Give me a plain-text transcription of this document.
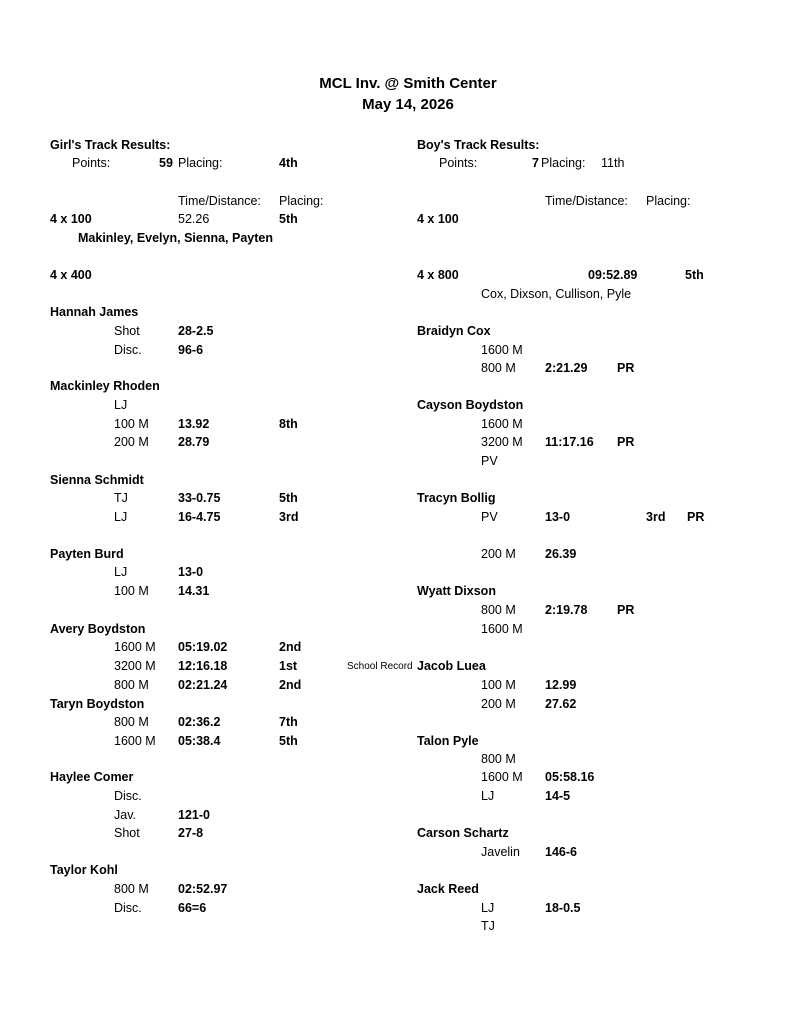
MCL Inv. @ Smith Center
May 14, 2026
Girl's Track Results:
Points:	59 Placing:	4th
Time/Distance: Placing:
4 x 100	52.26	5th
Makinley, Evelyn, Sienna, Payten
4 x 400
Hannah James
Shot	28-2.5
Disc.	96-6
Mackinley Rhoden
LJ
100 M 13.92	8th
200 M 28.79
Sienna Schmidt
TJ	33-0.75	5th
LJ	16-4.75	3rd
Payten Burd
LJ	13-0
100 M 14.31
Avery Boydston
1600 M 05:19.02	2nd
3200 M 12:16.18	1st	School Record
800 M 02:21.24	2nd
Taryn Boydston
800 M 02:36.2	7th
1600 M 05:38.4	5th
Haylee Comer
Disc.
Jav.	121-0
Shot	27-8
Taylor Kohl
800 M 02:52.97
Disc.	66=6
Boy's Track Results:
Points:	7 Placing: 11th
Time/Distance: Placing:
4 x 100
4 x 800	09:52.89	5th
Cox, Dixson, Cullison, Pyle
Braidyn Cox
1600 M
800 M 2:21.29 PR
Cayson Boydston
1600 M
3200 M 11:17.16 PR
PV
Tracyn Bollig
PV	13-0	3rd PR
200 M 26.39
Wyatt Dixson
800 M 2:19.78 PR
1600 M
Jacob Luea
100 M 12.99
200 M 27.62
Talon Pyle
800 M
1600 M 05:58.16
LJ	14-5
Carson Schartz
Javelin 146-6
Jack Reed
LJ	18-0.5
TJ
